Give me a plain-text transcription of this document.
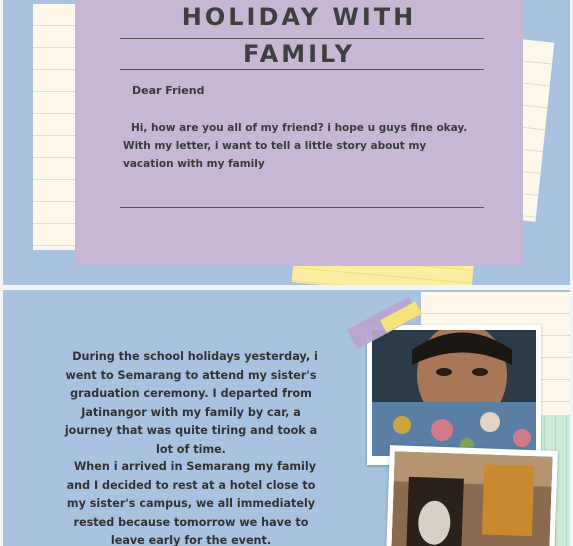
HOLIDAY WITH
FAMILY
Dear Friend
Hi, how are you all of my friend? i hope u guys fine okay. With my letter, i want to tell a little story about my vacation with my family
During the school holidays yesterday, i went to Semarang to attend my sister's graduation ceremony. I departed from Jatinangor with my family by car, a journey that was quite tiring and took a lot of time.
When i arrived in Semarang my family and I decided to rest at a hotel close to my sister's campus, we all immediately rested because tomorrow we have to leave early for the event.
